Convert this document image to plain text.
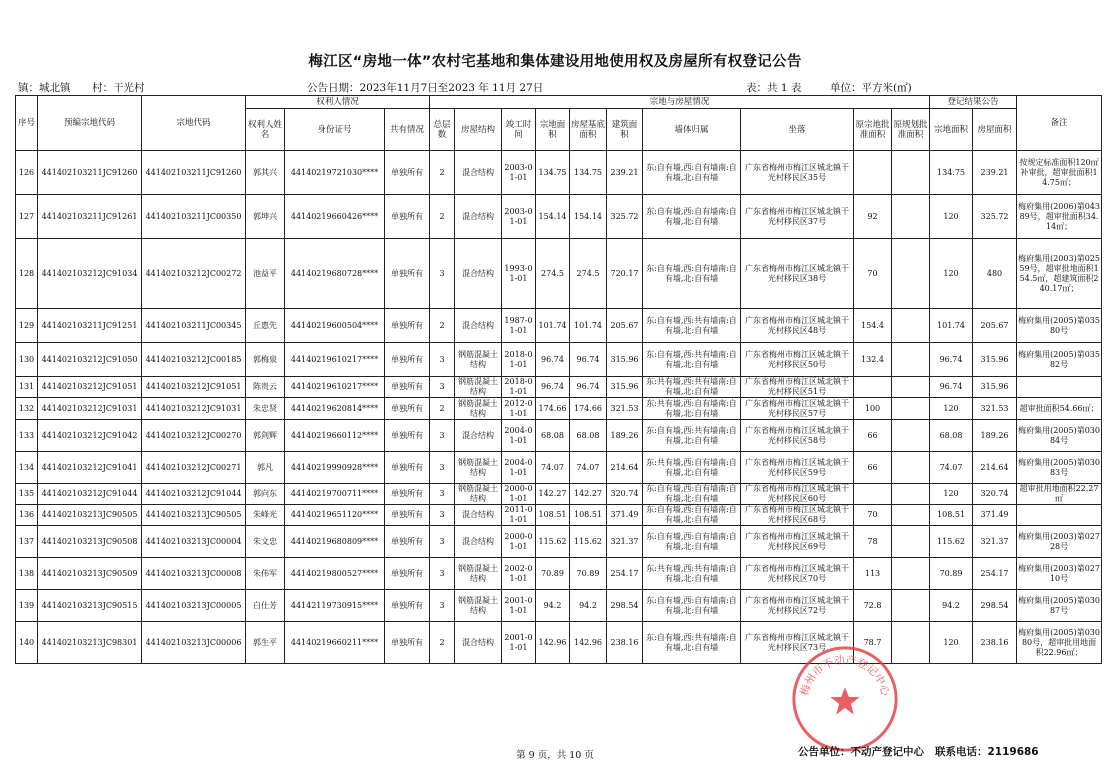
梅江区“房地一体”农村宅基地和集体建设用地使用权及房屋所有权登记公告
镇：城北镇 村：干光村	公告日期：2023年11月7日至2023 年 11月 27日	表：共 1 表	单位：平方米(㎡)
序号	预编宗地代码	宗地代码	权利人情况			宗地与房屋情况										登记结果公告		备注
			权利人姓名	身份证号	共有情况	总层数	房屋结构	竣工时间	宗地面积	房屋基底面积	建筑面积	墙体归属	坐落	原宗地批准面积	原规划批准面积	宗地面积	房屋面积	
126	441402103211JC91260	441402103211JC91260	郭其兴	44140219721030****	单独所有	2	混合结构	2003-01-01	134.75	134.75	239.21	东:自有墙,西:自有墙南:自有墙,北:自有墙	广东省梅州市梅江区城北镇干光村移民区35号			134.75	239.21	按规定标准面积120㎡补审批，超审批面积14.75㎡；
127	441402103211JC91261	441402103211JC00350	郭坤兴	44140219660426****	单独所有	2	混合结构	2003-01-01	154.14	154.14	325.72	东:自有墙,西:自有墙南:自有墙,北:自有墙	广东省梅州市梅江区城北镇干光村移民区37号	92		120	325.72	梅府集用(2006)第04389号，超审批面积34.14㎡；
128	441402103212JC91034	441402103212JC00272	池益平	44140219680728****	单独所有	3	混合结构	1993-01-01	274.5	274.5	720.17	东:自有墙,西:自有墙南:自有墙,北:自有墙	广东省梅州市梅江区城北镇干光村移民区38号	70		120	480	梅府集用(2003)第02559号，超审批地面积154.5㎡，超建筑面积240.17㎡；
129	441402103211JC91251	441402103211JC00345	丘惠先	44140219600504****	单独所有	2	混合结构	1987-01-01	101.74	101.74	205.67	东:自有墙,西:共有墙南:自有墙,北:自有墙	广东省梅州市梅江区城北镇干光村移民区48号	154.4		101.74	205.67	梅府集用(2005)第03580号
130	441402103212JC91050	441402103212JC00185	郭梅泉	44140219610217****	单独所有	3	钢筋混凝土结构	2018-01-01	96.74	96.74	315.96	东:自有墙,西:共有墙南:自有墙,北:自有墙	广东省梅州市梅江区城北镇干光村移民区50号	132.4		96.74	315.96	梅府集用(2005)第03582号
131	441402103212JC91051	441402103212JC91051	陈贵云	44140219610217****	单独所有	3	钢筋混凝土结构	2018-01-01	96.74	96.74	315.96	东:共有墙,西:共有墙南:自有墙,北:自有墙	广东省梅州市梅江区城北镇干光村移民区51号			96.74	315.96	
132	441402103212JC91031	441402103212JC91031	朱忠贤	44140219620814****	单独所有	2	钢筋混凝土结构	2012-01-01	174.66	174.66	321.53	东:共有墙,西:自有墙南:自有墙,北:自有墙	广东省梅州市梅江区城北镇干光村移民区57号	100		120	321.53	超审批面积54.66㎡；
133	441402103212JC91042	441402103212JC00270	郭剑辉	44140219660112****	单独所有	3	混合结构	2004-01-01	68.08	68.08	189.26	东:自有墙,西:共有墙南:自有墙,北:自有墙	广东省梅州市梅江区城北镇干光村移民区58号	66		68.08	189.26	梅府集用(2005)第03084号
134	441402103212JC91041	441402103212JC00271	郭凡	44140219990928****	单独所有	3	钢筋混凝土结构	2004-01-01	74.07	74.07	214.64	东:共有墙,西:自有墙南:自有墙,北:自有墙	广东省梅州市梅江区城北镇干光村移民区59号	66		74.07	214.64	梅府集用(2005)第03083号
135	441402103212JC91044	441402103212JC91044	郭向东	44140219700711****	单独所有	3	钢筋混凝土结构	2000-01-01	142.27	142.27	320.74	东:自有墙,西:自有墙南:自有墙,北:自有墙	广东省梅州市梅江区城北镇干光村移民区60号			120	320.74	超审批用地面积22.27㎡
136	441402103213JC90505	441402103213JC90505	朱峰光	44140219651120****	单独所有	3	混合结构	2011-01-01	108.51	108.51	371.49	东:自有墙,西:自有墙南:自有墙,北:自有墙	广东省梅州市梅江区城北镇干光村移民区68号	70		108.51	371.49	
137	441402103213JC90508	441402103213JC00004	朱文忠	44140219680809****	单独所有	3	混合结构	2000-01-01	115.62	115.62	321.37	东:自有墙,西:自有墙南:自有墙,北:自有墙	广东省梅州市梅江区城北镇干光村移民区69号	78		115.62	321.37	梅府集用(2003)第02728号
138	441402103213JC90509	441402103213JC00008	朱伟军	44140219800527****	单独所有	3	钢筋混凝土结构	2002-01-01	70.89	70.89	254.17	东:共有墙,西:共有墙南:自有墙,北:自有墙	广东省梅州市梅江区城北镇干光村移民区70号	113		70.89	254.17	梅府集用(2003)第02710号
139	441402103213JC90515	441402103213JC00005	白仕芳	44142119730915****	单独所有	3	钢筋混凝土结构	2001-01-01	94.2	94.2	298.54	东:自有墙,西:自有墙南:自有墙,北:自有墙	广东省梅州市梅江区城北镇干光村移民区72号	72.8		94.2	298.54	梅府集用(2005)第03087号
140	441402103213JC98301	441402103213JC00006	郭生平	44140219660211****	单独所有	2	混合结构	2001-01-01	142.96	142.96	238.16	东:自有墙,西:共有墙南:自有墙,北:自有墙	广东省梅州市梅江区城北镇干光村移民区73号	78.7		120	238.16	梅府集用(2005)第03080号，超审批用地面积22.96㎡；
梅州市不动产登记中心
第 9 页，共 10 页	公告单位：不动产登记中心 联系电话：2119686
